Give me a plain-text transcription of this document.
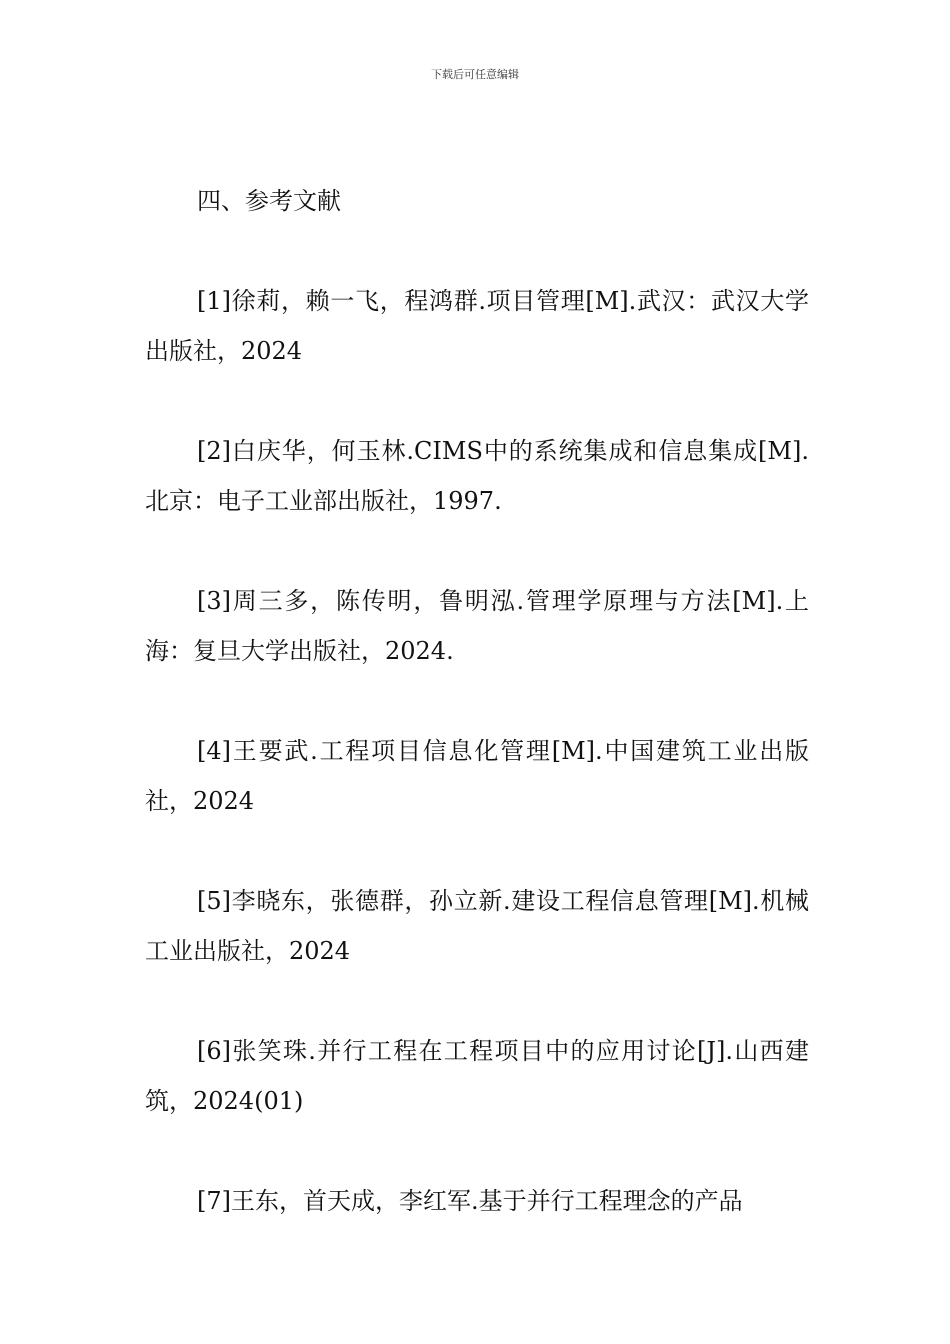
下载后可任意编辑
四、参考文献

[1]徐莉，赖一飞，程鸿群.项目管理[M].武汉：武汉大学出版社，2024

[2]白庆华，何玉林.CIMS中的系统集成和信息集成[M].北京：电子工业部出版社，1997.

[3]周三多，陈传明，鲁明泓.管理学原理与方法[M].上海：复旦大学出版社，2024.

[4]王要武.工程项目信息化管理[M].中国建筑工业出版社，2024

[5]李晓东，张德群，孙立新.建设工程信息管理[M].机械工业出版社，2024

[6]张笑珠.并行工程在工程项目中的应用讨论[J].山西建筑，2024(01)

[7]王东，首天成，李红军.基于并行工程理念的产品
